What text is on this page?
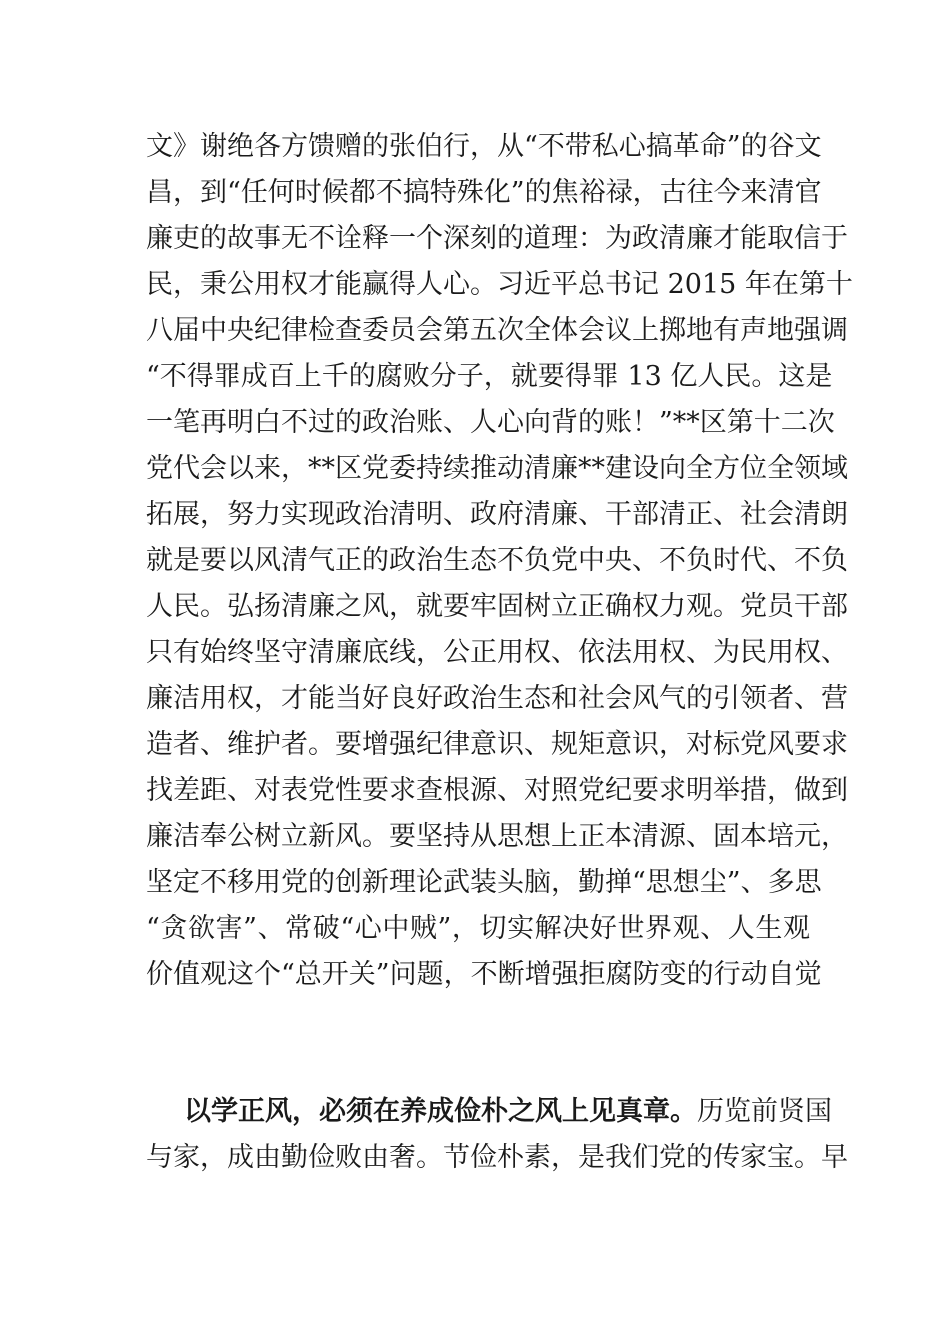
文》谢绝各方馈赠的张伯行，从“不带私心搞革命”的谷文
昌，到“任何时候都不搞特殊化”的焦裕禄，古往今来清官
廉吏的故事无不诠释一个深刻的道理：为政清廉才能取信于
民，秉公用权才能赢得人心。习近平总书记 2015 年在第十
八届中央纪律检查委员会第五次全体会议上掷地有声地强调
“不得罪成百上千的腐败分子，就要得罪 13 亿人民。这是
一笔再明白不过的政治账、人心向背的账！”**区第十二次
党代会以来，**区党委持续推动清廉**建设向全方位全领域
拓展，努力实现政治清明、政府清廉、干部清正、社会清朗
就是要以风清气正的政治生态不负党中央、不负时代、不负
人民。弘扬清廉之风，就要牢固树立正确权力观。党员干部
只有始终坚守清廉底线，公正用权、依法用权、为民用权、
廉洁用权，才能当好良好政治生态和社会风气的引领者、营
造者、维护者。要增强纪律意识、规矩意识，对标党风要求
找差距、对表党性要求查根源、对照党纪要求明举措，做到
廉洁奉公树立新风。要坚持从思想上正本清源、固本培元，
坚定不移用党的创新理论武装头脑，勤掸“思想尘”、多思
“贪欲害”、常破“心中贼”，切实解决好世界观、人生观
价值观这个“总开关”问题，不断增强拒腐防变的行动自觉
以学正风，必须在养成俭朴之风上见真章。历览前贤国
与家，成由勤俭败由奢。节俭朴素，是我们党的传家宝。早
